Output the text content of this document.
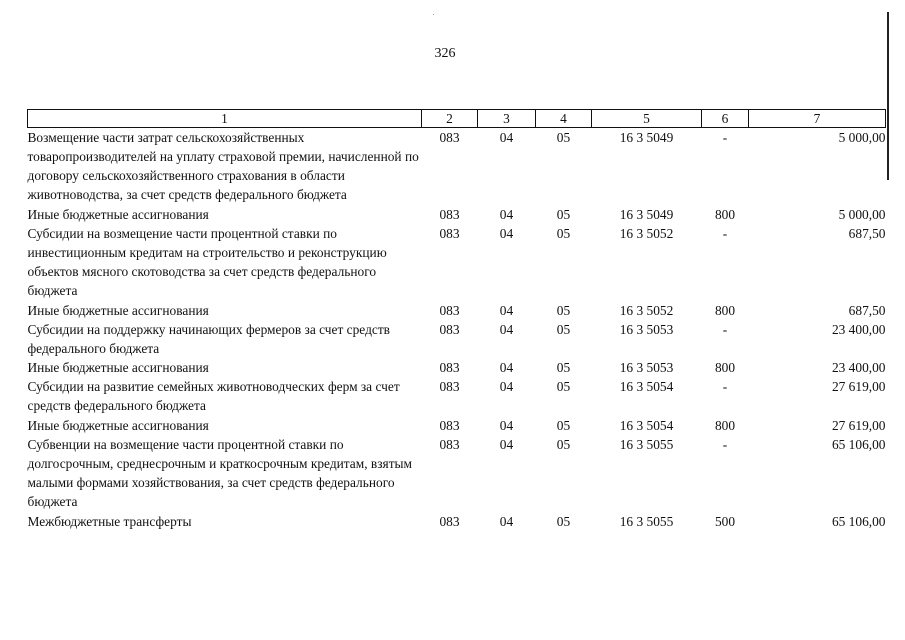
326
1	2	3	4	5	6	7
Возмещение части затрат сельскохозяйственных товаропроизводителей на уплату страховой премии, начисленной по договору сельскохозяйственного страхования в области животноводства, за счет средств федерального бюджета	083	04	05	16 3 5049	-	5 000,00
Иные бюджетные ассигнования	083	04	05	16 3 5049	800	5 000,00
Субсидии на возмещение части процентной ставки по инвестиционным кредитам на строительство и реконструкцию объектов мясного скотоводства за счет средств федерального бюджета	083	04	05	16 3 5052	-	687,50
Иные бюджетные ассигнования	083	04	05	16 3 5052	800	687,50
Субсидии на поддержку начинающих фермеров за счет средств федерального бюджета	083	04	05	16 3 5053	-	23 400,00
Иные бюджетные ассигнования	083	04	05	16 3 5053	800	23 400,00
Субсидии на развитие семейных животноводческих ферм за счет средств федерального бюджета	083	04	05	16 3 5054	-	27 619,00
Иные бюджетные ассигнования	083	04	05	16 3 5054	800	27 619,00
Субвенции на возмещение части процентной ставки по долгосрочным, среднесрочным и краткосрочным кредитам, взятым малыми формами хозяйствования, за счет средств федерального бюджета	083	04	05	16 3 5055	-	65 106,00
Межбюджетные трансферты	083	04	05	16 3 5055	500	65 106,00
